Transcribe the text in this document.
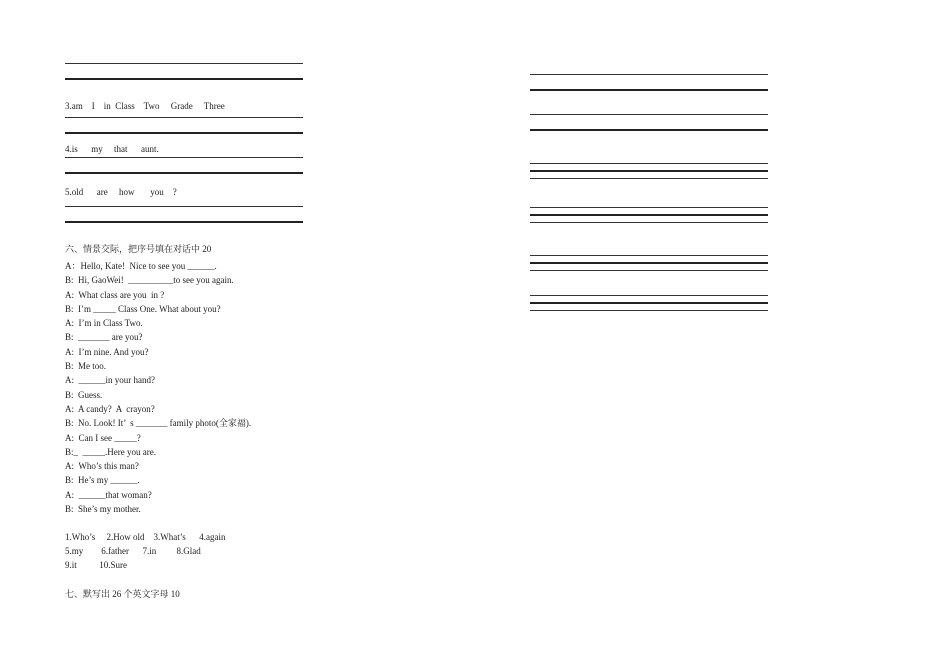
3.am    I    in  Class    Two     Grade     Three
4.is      my     that      aunt.
5.old      are     how       you    ?
六、情景交际，把序号填在对话中 20
A：Hello, Kate!  Nice to see you ______.
B:  Hi, GaoWei!  __________to see you again.
A:  What class are you  in ?
B:  I’m _____ Class One. What about you?
A:  I’m in Class Two.
B:  _______ are you?
A:  I’m nine. And you?
B:  Me too.
A:  ______in your hand?
B:  Guess.
A:  A candy?  A  crayon?
B:  No. Look! It’  s _______ family photo(全家福).
A:  Can I see _____?
B:_  _____.Here you are.
A:  Who’s this man?
B:  He’s my ______.
A:  ______that woman?
B:  She’s my mother.
1.Who’s     2.How old    3.What’s      4.again
5.my        6.father      7.in         8.Glad
9.it          10.Sure
七、默写出 26 个英文字母 10
